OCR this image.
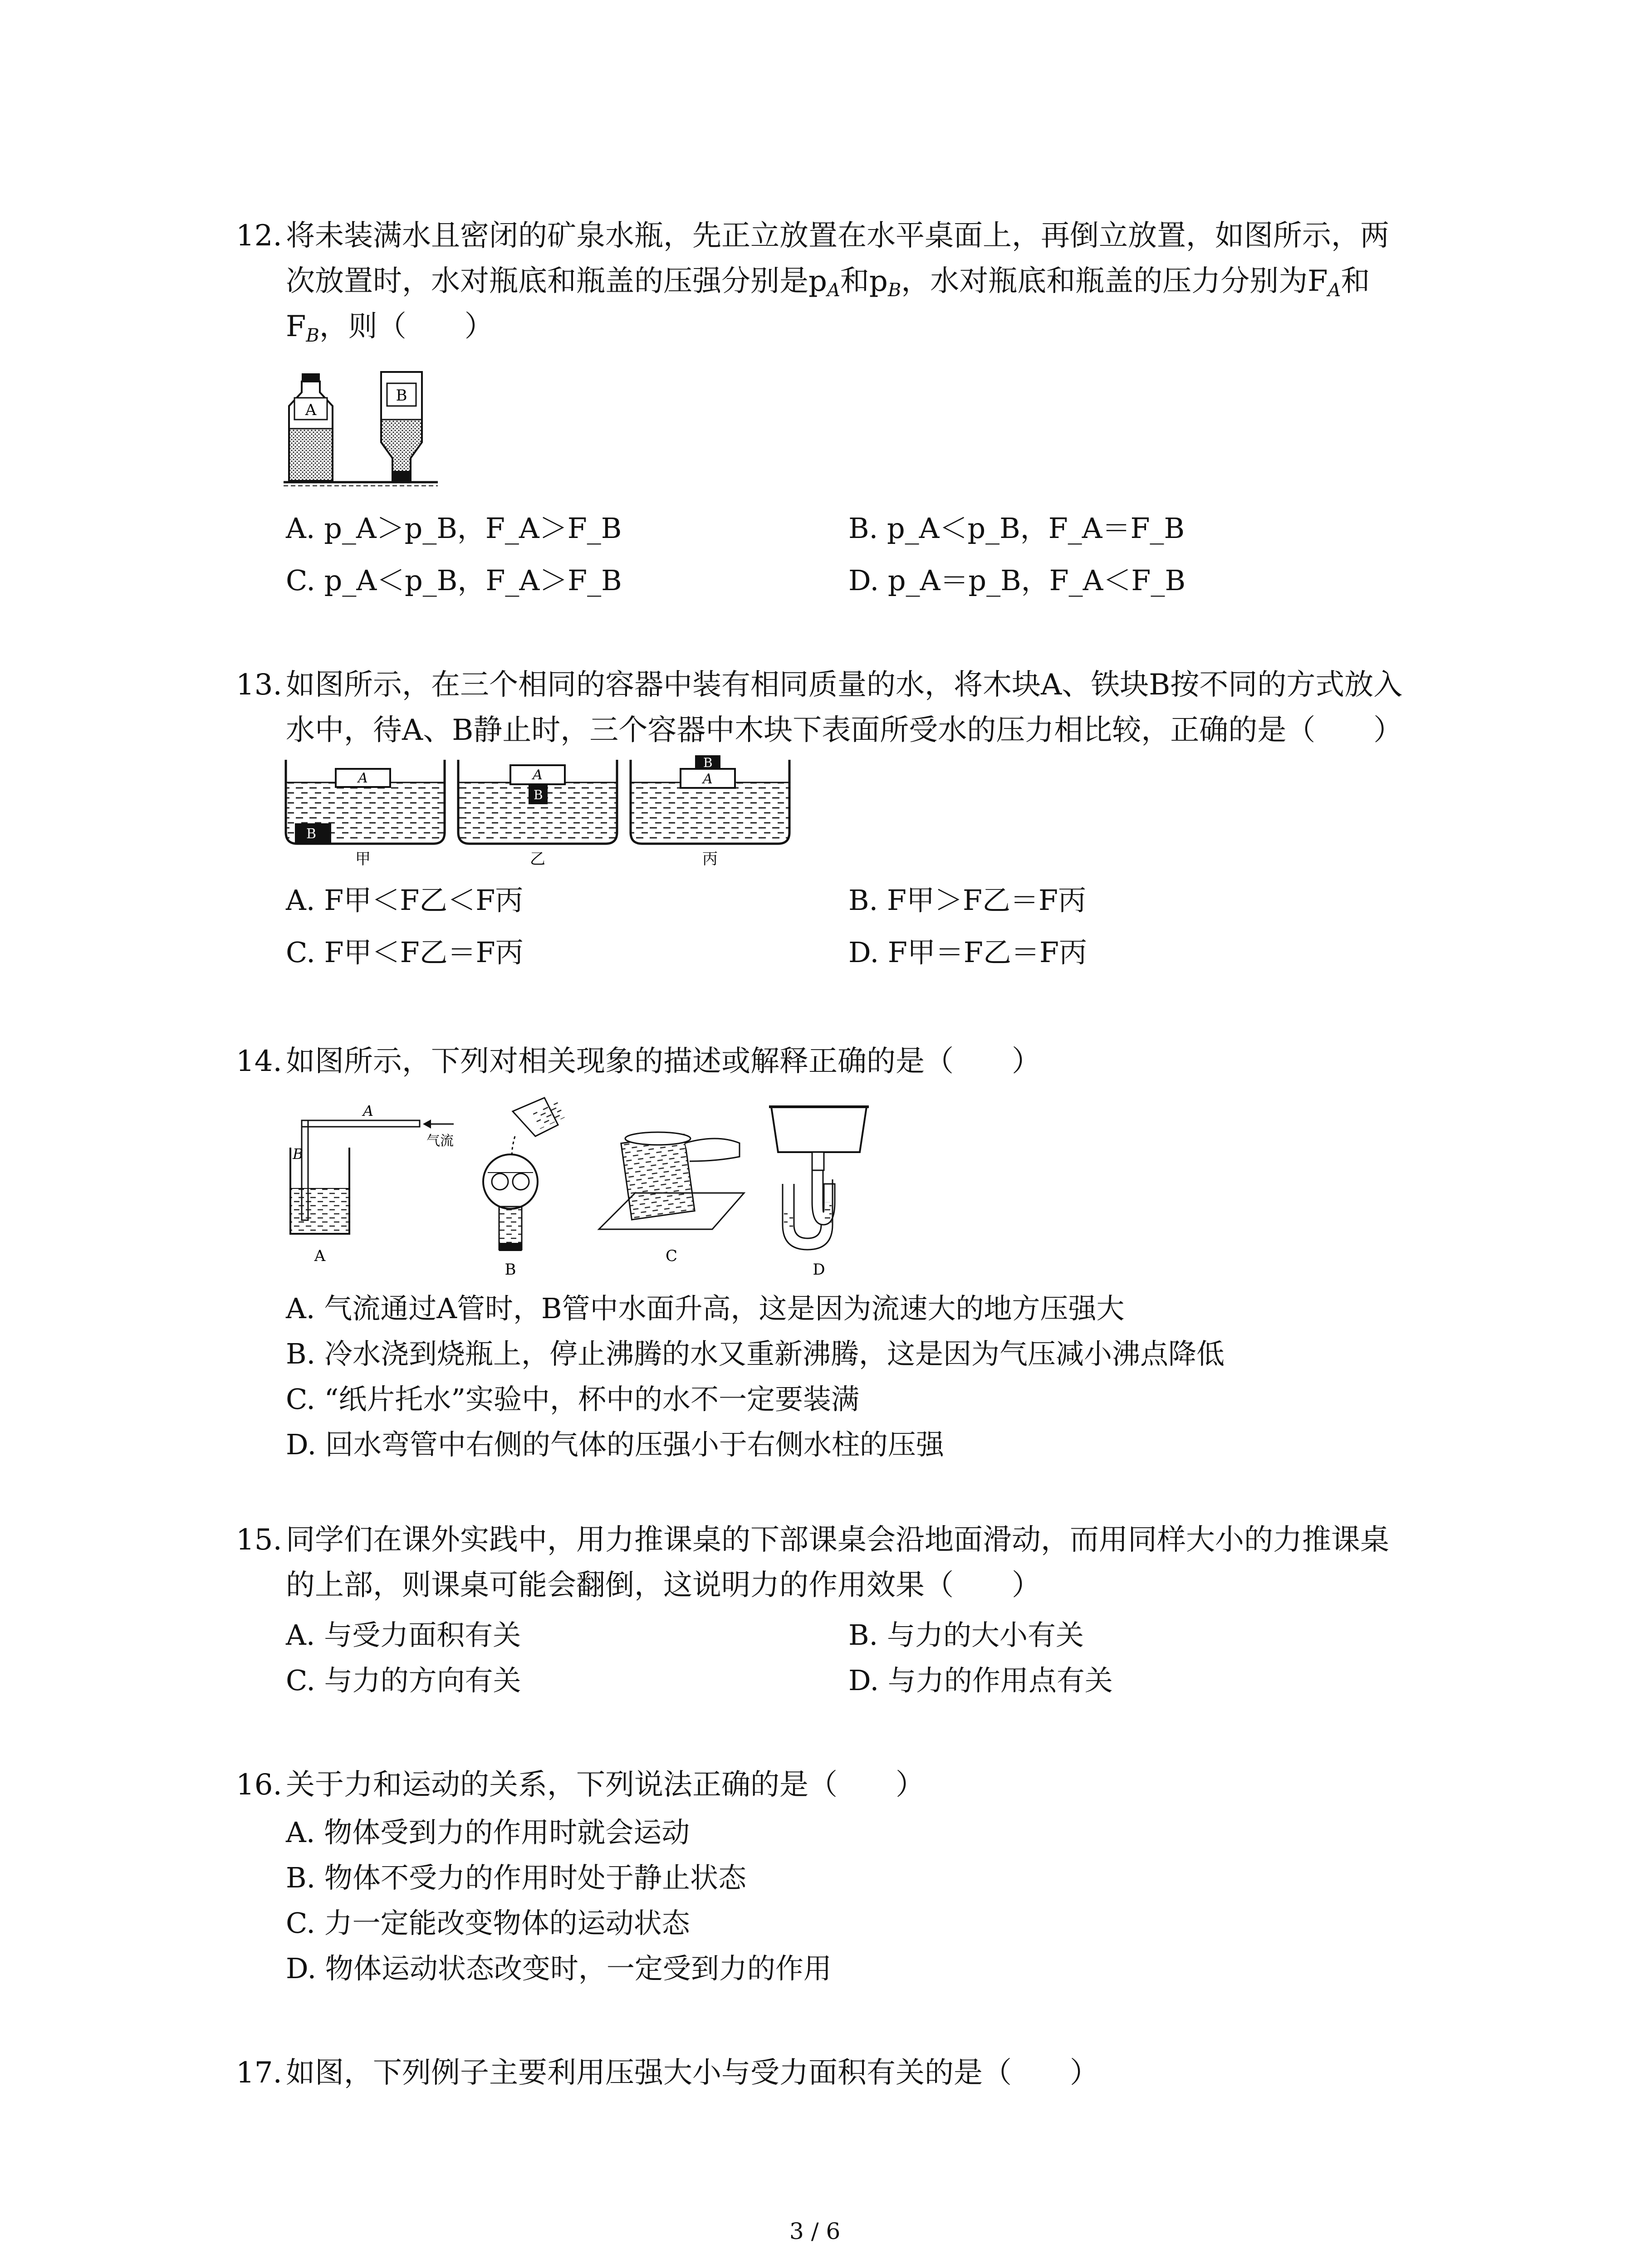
12. 将未装满水且密闭的矿泉水瓶，先正立放置在水平桌面上，再倒立放置，如图所示，两
次放置时，水对瓶底和瓶盖的压强分别是$p_A$和$p_B$，水对瓶底和瓶盖的压力分别为$F_A$和
$F_B$，则（　　）
A
B
A. p_A＞p_B，F_A＞F_B	B. p_A＜p_B，F_A＝F_B
C. p_A＜p_B，F_A＞F_B	D. p_A＝p_B，F_A＜F_B
13. 如图所示，在三个相同的容器中装有相同质量的水，将木块A、铁块B按不同的方式放入
水中，待A、B静止时，三个容器中木块下表面所受水的压力相比较，正确的是（　　）
A
B
甲
A
B
乙
A
B
丙
A. F甲＜F乙＜F丙	B. F甲＞F乙＝F丙
C. F甲＜F乙＝F丙	D. F甲＝F乙＝F丙
14. 如图所示，下列对相关现象的描述或解释正确的是（　　）
A
B
气流
A
B
C
D
A. 气流通过A管时，B管中水面升高，这是因为流速大的地方压强大
B. 冷水浇到烧瓶上，停止沸腾的水又重新沸腾，这是因为气压减小沸点降低
C. “纸片托水”实验中，杯中的水不一定要装满
D. 回水弯管中右侧的气体的压强小于右侧水柱的压强
15. 同学们在课外实践中，用力推课桌的下部课桌会沿地面滑动，而用同样大小的力推课桌
的上部，则课桌可能会翻倒，这说明力的作用效果（　　）
A. 与受力面积有关	B. 与力的大小有关
C. 与力的方向有关	D. 与力的作用点有关
16. 关于力和运动的关系，下列说法正确的是（　　）
A. 物体受到力的作用时就会运动
B. 物体不受力的作用时处于静止状态
C. 力一定能改变物体的运动状态
D. 物体运动状态改变时，一定受到力的作用
17. 如图，下列例子主要利用压强大小与受力面积有关的是（　　）
3 / 6
